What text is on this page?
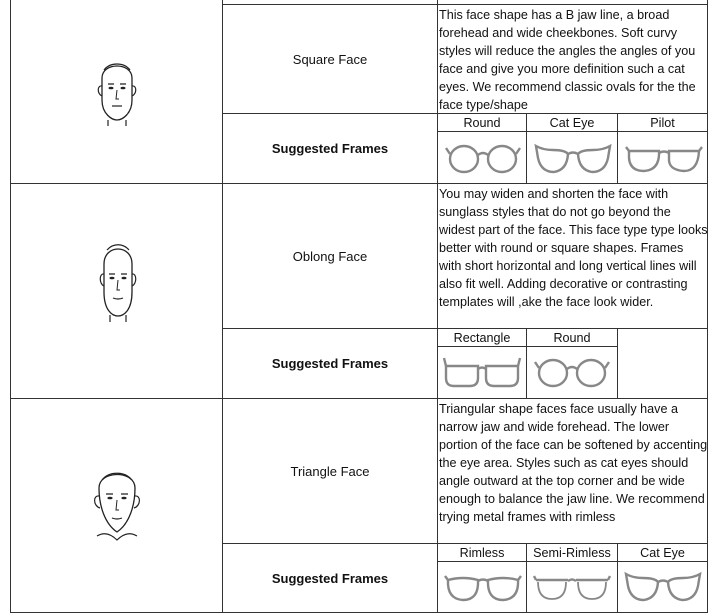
Square Face
This face shape has a B jaw line, a broad forehead and wide cheekbones. Soft curvy styles will reduce the angles the angles of you face and give you more definition such a cat eyes. We recommend classic ovals for the the face type/shape
Suggested Frames
Round	Cat Eye	Pilot
Oblong Face
You may widen and shorten the face with sunglass styles that do not go beyond the widest part of the face. This face type type looks better with round or square shapes. Frames with short horizontal and long vertical lines will also fit well. Adding decorative or contrasting templates will ,ake the face look wider.
Suggested Frames
Rectangle	Round
Triangle Face
Triangular shape faces face usually have a narrow jaw and wide forehead. The lower portion of the face can be softened by accenting the eye area. Styles such as cat eyes should angle outward at the top corner and be wide enough to balance the jaw line. We recommend trying metal frames with rimless
Suggested Frames
Rimless	Semi-Rimless	Cat Eye
